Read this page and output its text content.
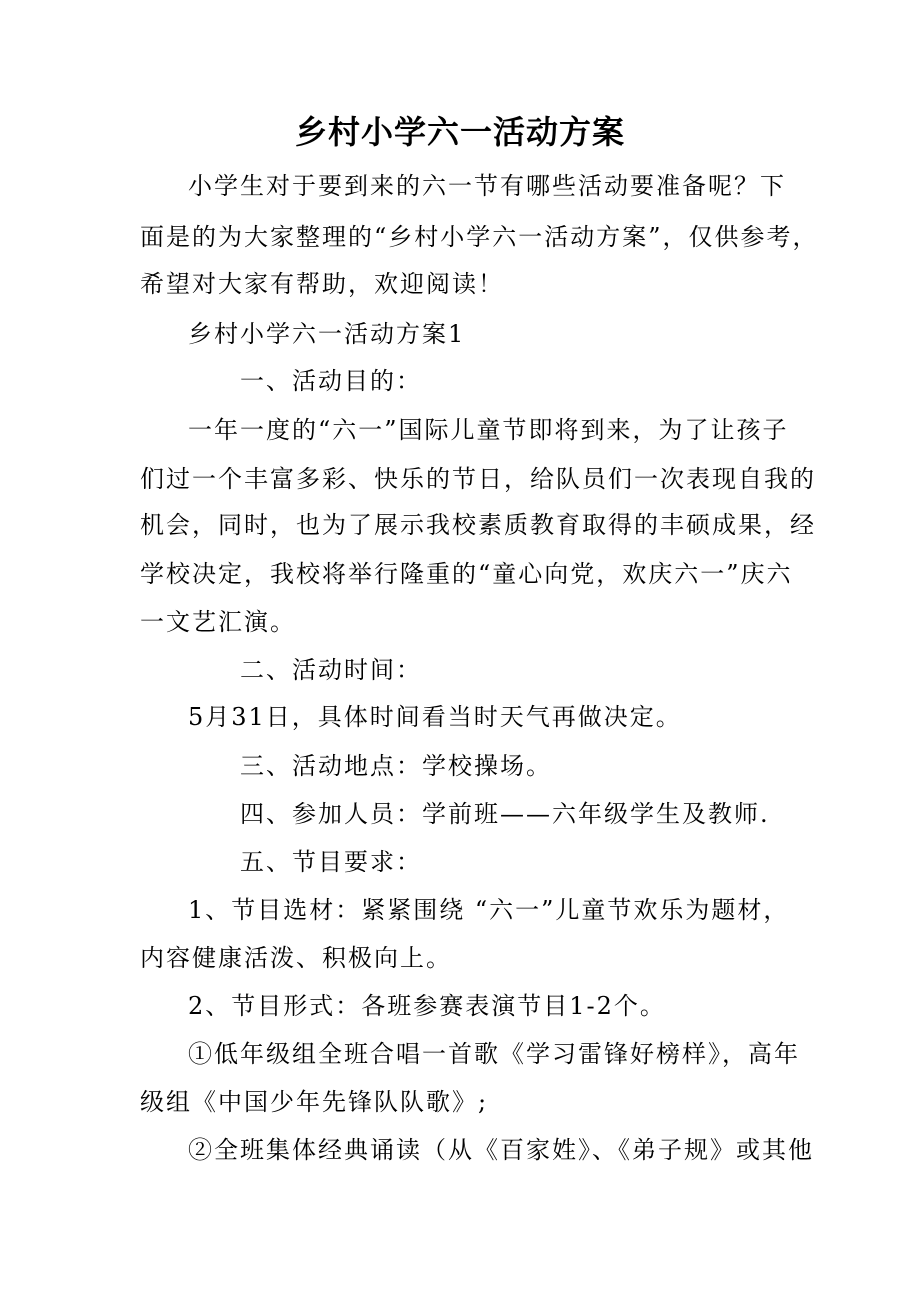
乡村小学六一活动方案
小学生对于要到来的六一节有哪些活动要准备呢？下
面是的为大家整理的“乡村小学六一活动方案”，仅供参考，
希望对大家有帮助，欢迎阅读！
乡村小学六一活动方案1
一、活动目的：
一年一度的“六一”国际儿童节即将到来，为了让孩子
们过一个丰富多彩、快乐的节日，给队员们一次表现自我的
机会，同时，也为了展示我校素质教育取得的丰硕成果，经
学校决定，我校将举行隆重的“童心向党，欢庆六一”庆六
一文艺汇演。
二、活动时间：
5月31日，具体时间看当时天气再做决定。
三、活动地点：学校操场。
四、参加人员：学前班——六年级学生及教师.
五、节目要求：
1、节目选材：紧紧围绕 “六一”儿童节欢乐为题材，
内容健康活泼、积极向上。
2、节目形式：各班参赛表演节目1-2个。
①低年级组全班合唱一首歌《学习雷锋好榜样》，高年
级组《中国少年先锋队队歌》;
②全班集体经典诵读（从《百家姓》、《弟子规》或其他
